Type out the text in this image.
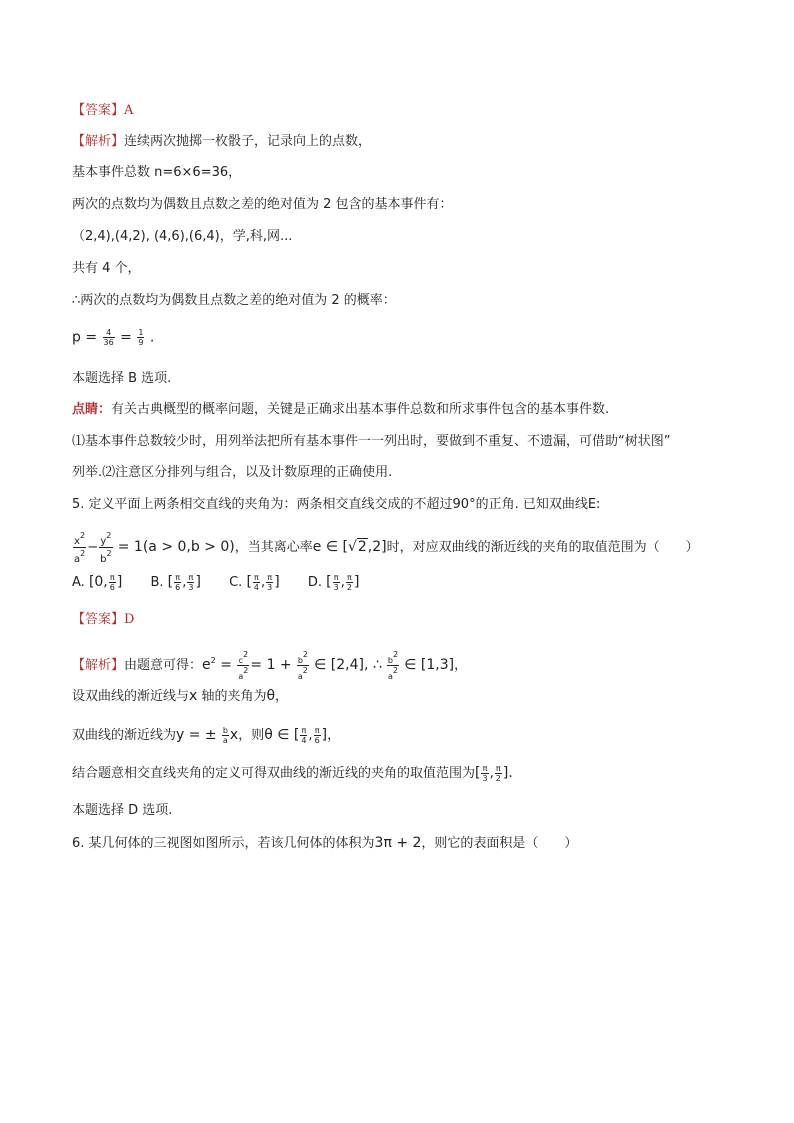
【答案】A
【解析】连续两次抛掷一枚骰子，记录向上的点数，
基本事件总数 n=6×6=36，
两次的点数均为偶数且点数之差的绝对值为 2 包含的基本事件有：
（2,4),(4,2), (4,6),(6,4)，学,科,网...
共有 4 个，
∴两次的点数均为偶数且点数之差的绝对值为 2 的概率：
$p = \frac{4}{36} = \frac{1}{9}$ .
本题选择 B 选项.
点睛：有关古典概型的概率问题，关键是正确求出基本事件总数和所求事件包含的基本事件数.
⑴基本事件总数较少时，用列举法把所有基本事件一一列出时，要做到不重复、不遗漏，可借助“树状图”
列举.⑵注意区分排列与组合，以及计数原理的正确使用.
5. 定义平面上两条相交直线的夹角为：两条相交直线交成的不超过90°的正角. 已知双曲线E:
$\frac{x^2}{a^2} - \frac{y^2}{b^2} = 1(a > 0,b > 0)$，当其离心率e ∈ [√2,2]时，对应双曲线的渐近线的夹角的取值范围为（　　）
A. [0, $\frac{\pi}{6}$ ] B. [ $\frac{\pi}{6}$ , $\frac{\pi}{3}$ ] C. [ $\frac{\pi}{4}$ , $\frac{\pi}{3}$ ] D. [ $\frac{\pi}{3}$ , $\frac{\pi}{2}$ ]
【答案】D
【解析】由题意可得：$e^2 = \frac{c^2}{a^2} = 1 + \frac{b^2}{a^2}$ ∈ [2,4], ∴ $\frac{b^2}{a^2}$ ∈ [1,3]，
设双曲线的渐近线与x 轴的夹角为θ，
双曲线的渐近线为y = ± $\frac{b}{a}$ x，则θ ∈ [ $\frac{\pi}{4}$ , $\frac{\pi}{6}$ ]，
结合题意相交直线夹角的定义可得双曲线的渐近线的夹角的取值范围为[ $\frac{\pi}{3}$ , $\frac{\pi}{2}$ ].
本题选择 D 选项.
6. 某几何体的三视图如图所示，若该几何体的体积为3π + 2，则它的表面积是（　　）
